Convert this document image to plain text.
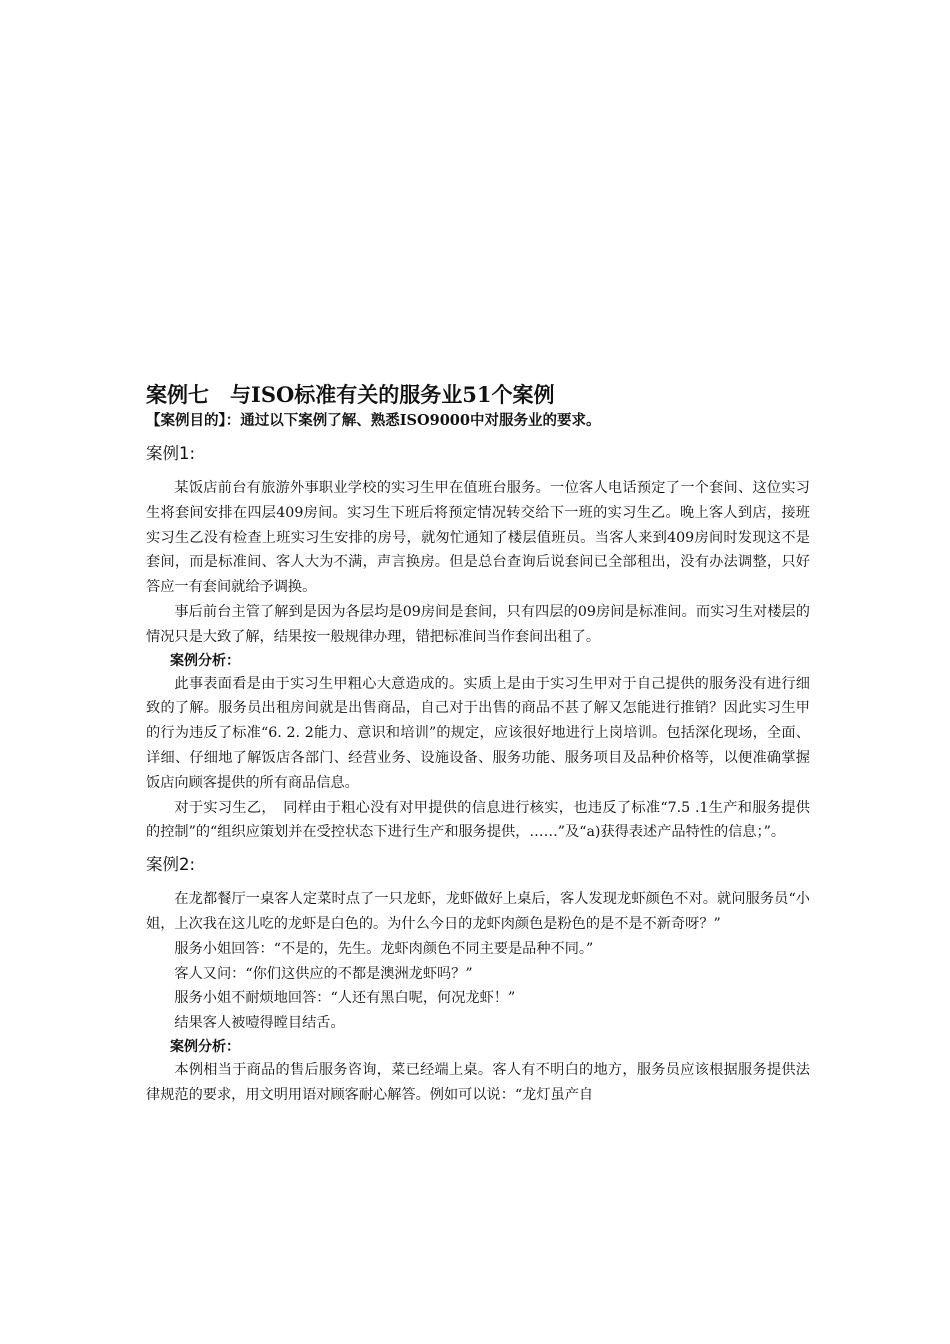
案例七　与ISO标准有关的服务业51个案例
【案例目的】：通过以下案例了解、熟悉ISO9000中对服务业的要求。
案例1:

某饭店前台有旅游外事职业学校的实习生甲在值班台服务。一位客人电话预定了一个套间、这位实习生将套间安排在四层409房间。实习生下班后将预定情况转交给下一班的实习生乙。晚上客人到店，接班实习生乙没有检查上班实习生安排的房号，就匆忙通知了楼层值班员。当客人来到409房间时发现这不是套间，而是标准间、客人大为不满，声言换房。但是总台查询后说套间已全部租出，没有办法调整，只好答应一有套间就给予调换。

事后前台主管了解到是因为各层均是09房间是套间，只有四层的09房间是标准间。而实习生对楼层的情况只是大致了解，结果按一般规律办理，错把标准间当作套间出租了。

案例分析：

此事表面看是由于实习生甲粗心大意造成的。实质上是由于实习生甲对于自己提供的服务没有进行细致的了解。服务员出租房间就是出售商品，自己对于出售的商品不甚了解又怎能进行推销？因此实习生甲的行为违反了标准“6. 2. 2能力、意识和培训”的规定，应该很好地进行上岗培训。包括深化现场，全面、详细、仔细地了解饭店各部门、经营业务、设施设备、服务功能、服务项目及品种价格等，以便准确掌握饭店向顾客提供的所有商品信息。

对于实习生乙，　同样由于粗心没有对甲提供的信息进行核实，也违反了标准“7.5 .1生产和服务提供的控制”的“组织应策划并在受控状态下进行生产和服务提供，……”及“a)获得表述产品特性的信息；”。

案例2:

在龙都餐厅一桌客人定菜时点了一只龙虾，龙虾做好上桌后，客人发现龙虾颜色不对。就问服务员“小姐，上次我在这儿吃的龙虾是白色的。为什么今日的龙虾肉颜色是粉色的是不是不新奇呀？”

服务小姐回答：“不是的，先生。龙虾肉颜色不同主要是品种不同。”

客人又问：“你们这供应的不都是澳洲龙虾吗？”

服务小姐不耐烦地回答：“人还有黑白呢，何况龙虾！”

结果客人被噎得瞠目结舌。

案例分析：

本例相当于商品的售后服务咨询，菜已经端上桌。客人有不明白的地方，服务员应该根据服务提供法律规范的要求，用文明用语对顾客耐心解答。例如可以说：“龙灯虽产自
